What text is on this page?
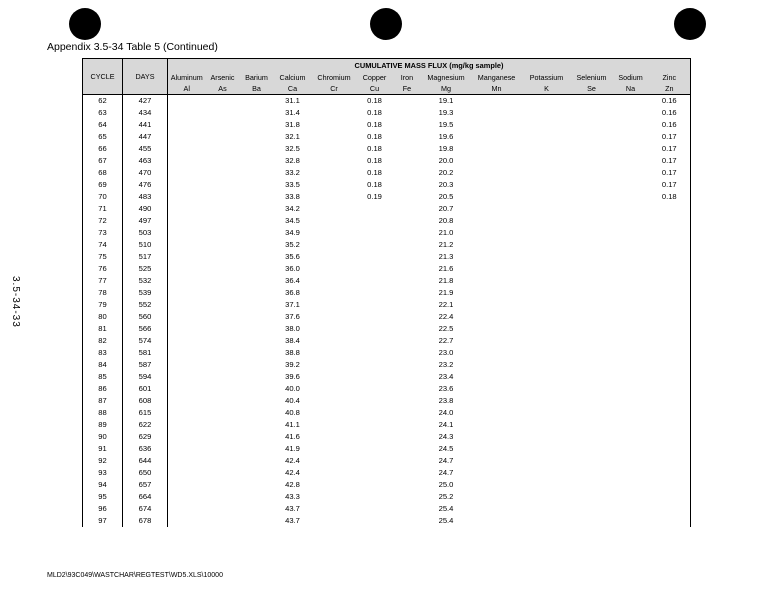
Appendix 3.5-34 Table 5 (Continued)
3.5-34-33
CYCLE	DAYS	CUMULATIVE MASS FLUX (mg/kg sample)												
		Aluminum	Arsenic	Barium	Calcium	Chromium	Copper	Iron	Magnesium	Manganese	Potassium	Selenium	Sodium	Zinc
		Al	As	Ba	Ca	Cr	Cu	Fe	Mg	Mn	K	Se	Na	Zn
62	427				31.1		0.18		19.1					0.16
63	434				31.4		0.18		19.3					0.16
64	441				31.8		0.18		19.5					0.16
65	447				32.1		0.18		19.6					0.17
66	455				32.5		0.18		19.8					0.17
67	463				32.8		0.18		20.0					0.17
68	470				33.2		0.18		20.2					0.17
69	476				33.5		0.18		20.3					0.17
70	483				33.8		0.19		20.5					0.18
71	490				34.2				20.7					
72	497				34.5				20.8					
73	503				34.9				21.0					
74	510				35.2				21.2					
75	517				35.6				21.3					
76	525				36.0				21.6					
77	532				36.4				21.8					
78	539				36.8				21.9					
79	552				37.1				22.1					
80	560				37.6				22.4					
81	566				38.0				22.5					
82	574				38.4				22.7					
83	581				38.8				23.0					
84	587				39.2				23.2					
85	594				39.6				23.4					
86	601				40.0				23.6					
87	608				40.4				23.8					
88	615				40.8				24.0					
89	622				41.1				24.1					
90	629				41.6				24.3					
91	636				41.9				24.5					
92	644				42.4				24.7					
93	650				42.4				24.7					
94	657				42.8				25.0					
95	664				43.3				25.2					
96	674				43.7				25.4					
97	678				43.7				25.4					
MLD2\93C049\WASTCHAR\REGTEST\WD5.XLS\10000
